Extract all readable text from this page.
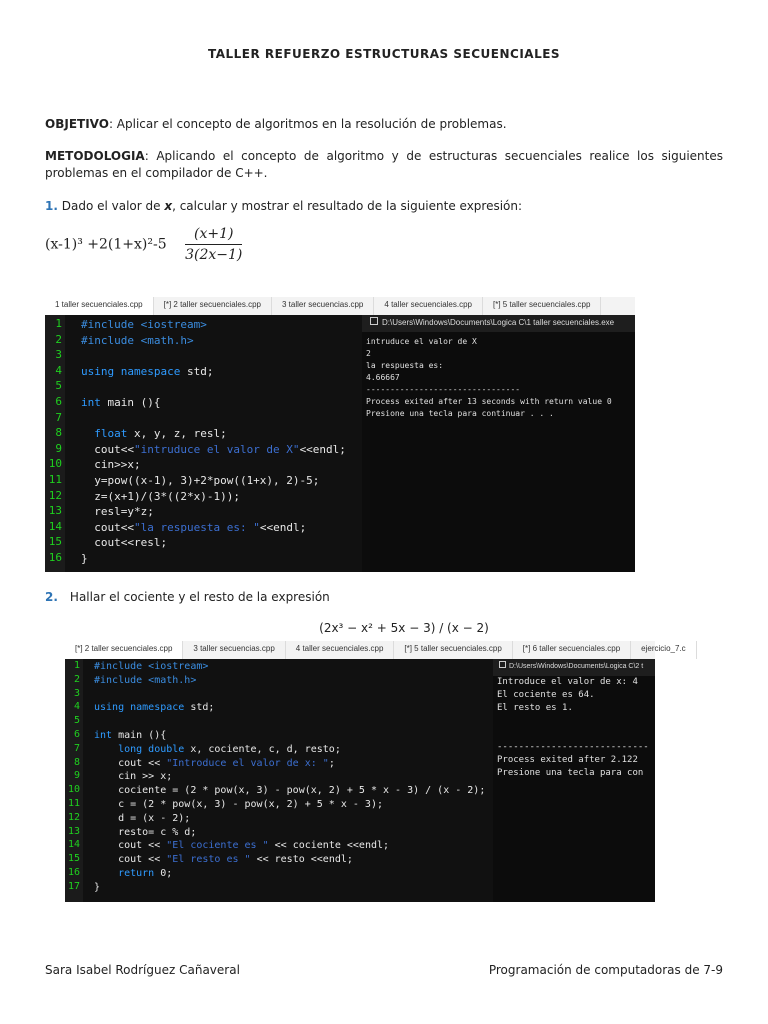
TALLER REFUERZO ESTRUCTURAS SECUENCIALES
OBJETIVO: Aplicar el concepto de algoritmos en la resolución de problemas.
METODOLOGIA: Aplicando el concepto de algoritmo y de estructuras secuenciales realice los siguientes problemas en el compilador de C++.
1. Dado el valor de x, calcular y mostrar el resultado de la siguiente expresión:
$(x-1)^3 +2(1+x)^2-5 \frac{(x+1)}{3(2x-1)}$
1 taller secuenciales.cpp	[*] 2 taller secuenciales.cpp	3 taller secuencias.cpp	4 taller secuenciales.cpp	[*] 5 taller secuenciales.cpp
1
2
3
4
5
6
7
8
9
10
11
12
13
14
15
16
#include <iostream>
#include <math.h>
using namespace std;
int main (){
float x, y, z, resl;
cout<<"intruduce el valor de X"<<endl;
cin>>x;
y=pow((x-1), 3)+2*pow((1+x), 2)-5;
z=(x+1)/(3*((2*x)-1));
resl=y*z;
cout<<"la respuesta es: "<<endl;
cout<<resl;
}
D:\Users\Windows\Documents\Logica C\1 taller secuenciales.exe
intruduce el valor de X
2
la respuesta es:
4.66667
--------------------------------
Process exited after 13 seconds with return value 0
Presione una tecla para continuar . . .
2. Hallar el cociente y el resto de la expresión
(2x³ − x² + 5x − 3) / (x − 2)
[*] 2 taller secuenciales.cpp	3 taller secuencias.cpp	4 taller secuenciales.cpp	[*] 5 taller secuenciales.cpp	[*] 6 taller secuenciales.cpp	ejercicio_7.c
1
2
3
4
5
6
7
8
9
10
11
12
13
14
15
16
17
#include <iostream>
#include <math.h>
using namespace std;
int main (){
long double x, cociente, c, d, resto;
cout << "Introduce el valor de x: ";
cin >> x;
cociente = (2 * pow(x, 3) - pow(x, 2) + 5 * x - 3) / (x - 2);
c = (2 * pow(x, 3) - pow(x, 2) + 5 * x - 3);
d = (x - 2);
resto= c % d;
cout << "El cociente es " << cociente <<endl;
cout << "El resto es " << resto <<endl;
return 0;
}
D:\Users\Windows\Documents\Logica C\2 t
Introduce el valor de x: 4
El cociente es 64.
El resto es 1.
----------------------------
Process exited after 2.122
Presione una tecla para con
Sara Isabel Rodríguez Cañaveral	Programación de computadoras de 7-9
